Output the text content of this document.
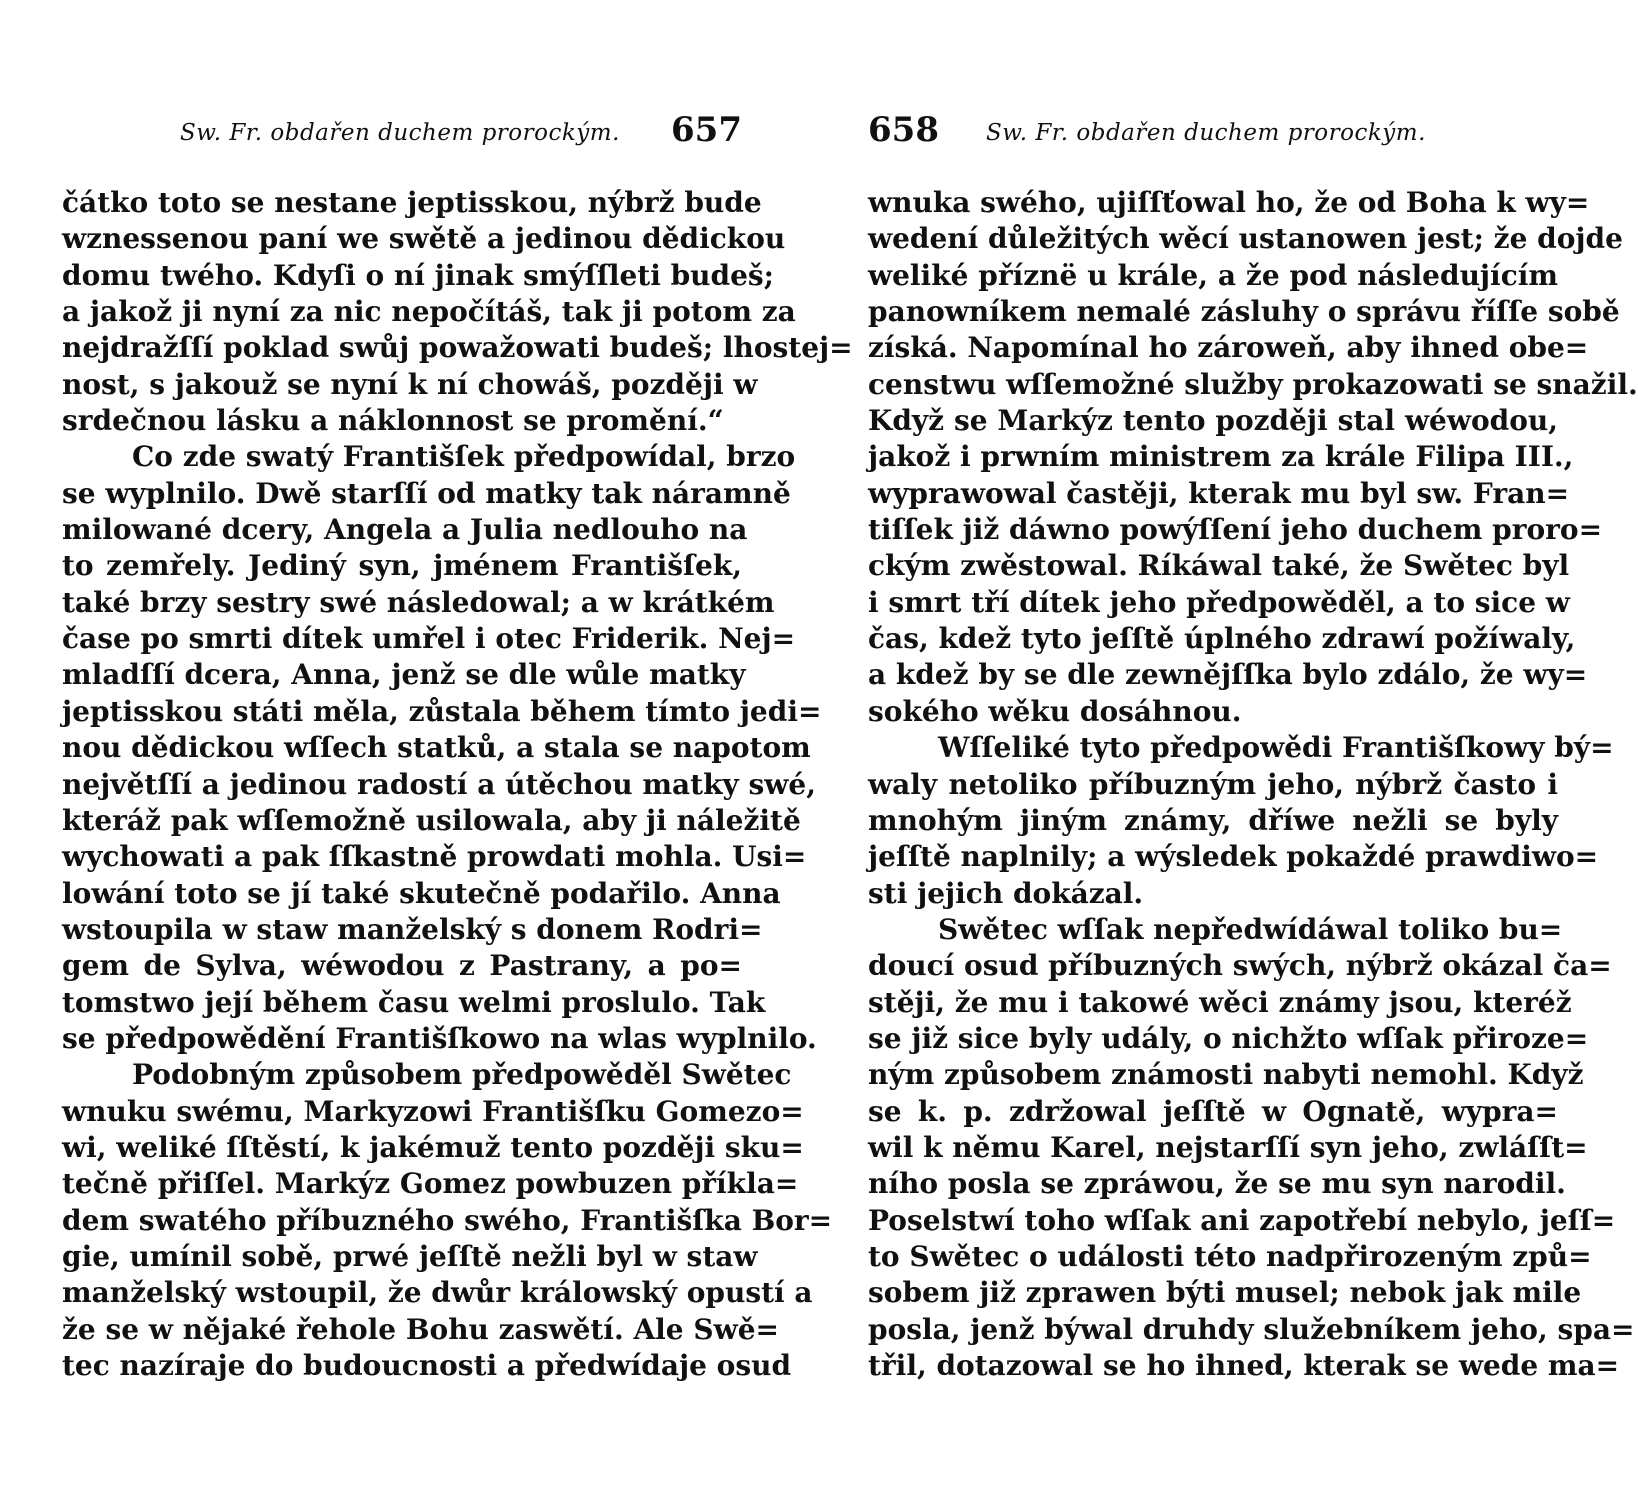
Sw. Fr. obdařen duchem prorockým. 657
čátko toto se nestane jeptisskou, nýbrž bude
wznessenou paní we swětě a jedinou dědickou
domu twého. Kdyſi o ní jinak smýſſleti budeš;
a jakož ji nyní za nic nepočítáš, tak ji potom za
nejdražſſí poklad swůj powažowati budeš; lhostej=
nost, s jakouž se nyní k ní chowáš, později w
srdečnou lásku a náklonnost se promění.“
Co zde swatý Františſek předpowídal, brzo
se wyplnilo. Dwě starſſí od matky tak náramně
milowané dcery, Angela a Julia nedlouho na
to zemřely. Jediný syn, jménem Františſek,
také brzy sestry swé následowal; a w krátkém
čase po smrti dítek umřel i otec Friderik. Nej=
mladſſí dcera, Anna, jenž se dle wůle matky
jeptisskou státi měla, zůstala během tímto jedi=
nou dědickou wſſech statků, a stala se napotom
největſſí a jedinou radostí a útěchou matky swé,
kteráž pak wſſemožně usilowala, aby ji náležitě
wychowati a pak ſſkastně prowdati mohla. Usi=
lowání toto se jí také skutečně podařilo. Anna
wstoupila w staw manželský s donem Rodri=
gem de Sylva, wéwodou z Pastrany, a po=
tomstwo její během času welmi proslulo. Tak
se předpowědění Františſkowo na wlas wyplnilo.
Podobným způsobem předpowěděl Swětec
wnuku swému, Markyzowi Františſku Gomezo=
wi, weliké ſſtěstí, k jakémuž tento později sku=
tečně přiſſel. Markýz Gomez powbuzen příkla=
dem swatého příbuzného swého, Františſka Bor=
gie, umínil sobě, prwé jeſſtě nežli byl w staw
manželský wstoupil, že dwůr králowský opustí a
že se w nějaké řehole Bohu zaswětí. Ale Swě=
tec nazíraje do budoucnosti a předwídaje osud
658 Sw. Fr. obdařen duchem prorockým.
wnuka swého, ujiſſťowal ho, že od Boha k wy=
wedení důležitých wěcí ustanowen jest; že dojde
weliké příznë u krále, a že pod následujícím
panowníkem nemalé zásluhy o správu říſſe sobě
získá. Napomínal ho zároweň, aby ihned obe=
censtwu wſſemožné služby prokazowati se snažil.
Když se Markýz tento později stal wéwodou,
jakož i prwním ministrem za krále Filipa III.,
wyprawowal častěji, kterak mu byl sw. Fran=
tiſſek již dáwno powýſſení jeho duchem proro=
ckým zwěstowal. Ríkáwal také, že Swětec byl
i smrt tří dítek jeho předpowěděl, a to sice w
čas, kdež tyto jeſſtě úplného zdrawí požíwaly,
a kdež by se dle zewnějſſka bylo zdálo, že wy=
sokého wěku dosáhnou.
Wſſeliké tyto předpowědi Františſkowy bý=
waly netoliko příbuzným jeho, nýbrž často i
mnohým jiným známy, dříwe nežli se byly
jeſſtě naplnily; a wýsledek pokaždé prawdiwo=
sti jejich dokázal.
Swětec wſſak nepředwídáwal toliko bu=
doucí osud příbuzných swých, nýbrž okázal ča=
stěji, že mu i takowé wěci známy jsou, kteréž
se již sice byly udály, o nichžto wſſak přiroze=
ným způsobem známosti nabyti nemohl. Když
se k. p. zdržowal jeſſtě w Ognatě, wypra=
wil k němu Karel, nejstarſſí syn jeho, zwláſſt=
ního posla se zpráwou, že se mu syn narodil.
Poselstwí toho wſſak ani zapotřebí nebylo, jeſſ=
to Swětec o události této nadpřirozeným způ=
sobem již zprawen býti musel; nebok jak mile
posla, jenž býwal druhdy služebníkem jeho, spa=
třil, dotazowal se ho ihned, kterak se wede ma=
